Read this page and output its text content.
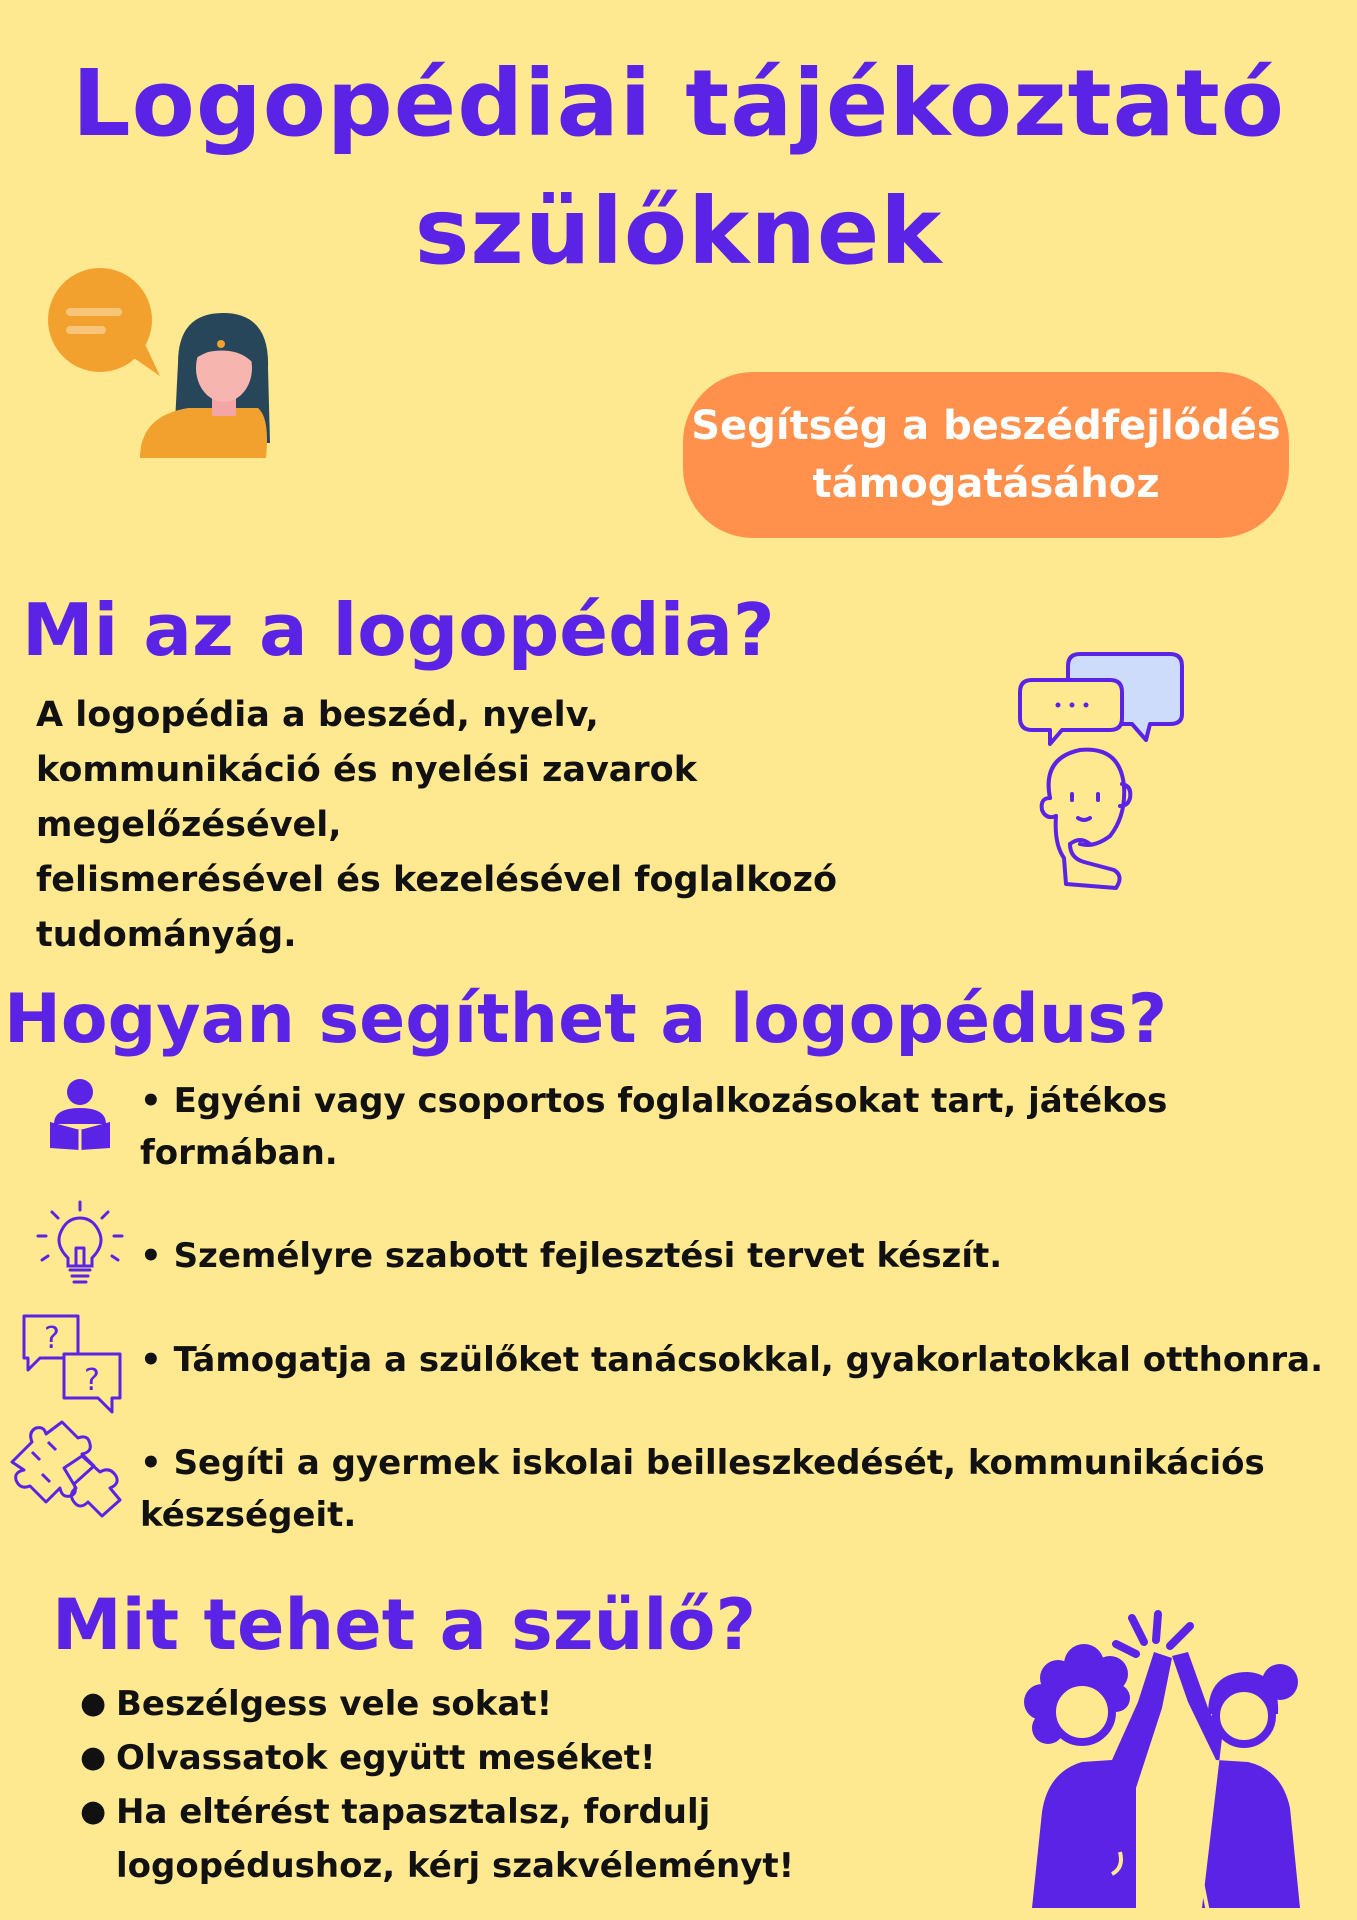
Logopédiai tájékoztató
szülőknek
Segítség a beszédfejlődés
támogatásához
Mi az a logopédia?
A logopédia a beszéd, nyelv,
kommunikáció és nyelési zavarok
megelőzésével,
felismerésével és kezelésével foglalkozó
tudományág.
Hogyan segíthet a logopédus?
• Egyéni vagy csoportos foglalkozásokat tart, játékos
formában.
• Személyre szabott fejlesztési tervet készít.
?
?
• Támogatja a szülőket tanácsokkal, gyakorlatokkal otthonra.
• Segíti a gyermek iskolai beilleszkedését, kommunikációs
készségeit.
Mit tehet a szülő?
● Beszélgess vele sokat!
● Olvassatok együtt meséket!
● Ha eltérést tapasztalsz, fordulj
logopédushoz, kérj szakvéleményt!
